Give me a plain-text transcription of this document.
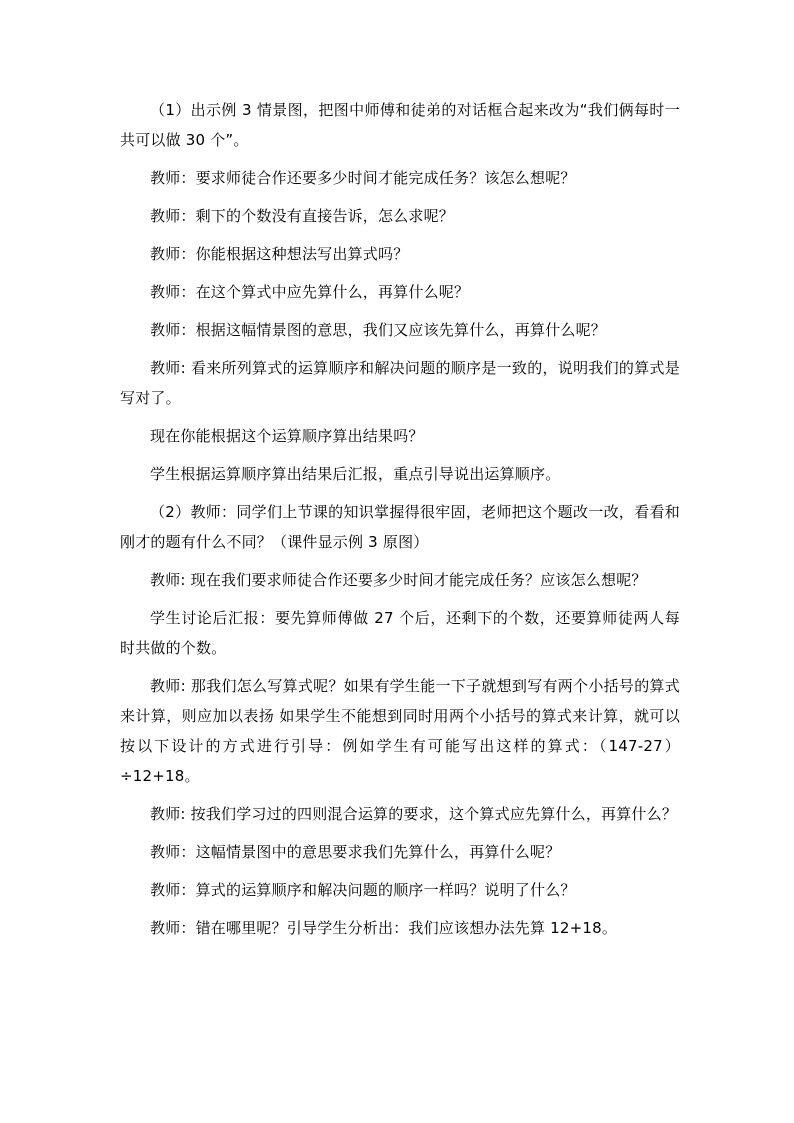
（1）出示例 3 情景图，把图中师傅和徒弟的对话框合起来改为“我们俩每时一共可以做 30 个”。

教师：要求师徒合作还要多少时间才能完成任务？该怎么想呢？

教师：剩下的个数没有直接告诉，怎么求呢？

教师：你能根据这种想法写出算式吗？

教师：在这个算式中应先算什么，再算什么呢？

教师：根据这幅情景图的意思，我们又应该先算什么，再算什么呢？

教师: 看来所列算式的运算顺序和解决问题的顺序是一致的，说明我们的算式是写对了。

现在你能根据这个运算顺序算出结果吗？

学生根据运算顺序算出结果后汇报，重点引导说出运算顺序。

（2）教师：同学们上节课的知识掌握得很牢固，老师把这个题改一改，看看和刚才的题有什么不同？（课件显示例 3 原图）

教师: 现在我们要求师徒合作还要多少时间才能完成任务？应该怎么想呢？

学生讨论后汇报：要先算师傅做 27 个后，还剩下的个数，还要算师徒两人每时共做的个数。

教师: 那我们怎么写算式呢？如果有学生能一下子就想到写有两个小括号的算式来计算，则应加以表扬 如果学生不能想到同时用两个小括号的算式来计算，就可以按以下设计的方式进行引导：例如学生有可能写出这样的算式：（147-27）÷12+18。

教师: 按我们学习过的四则混合运算的要求，这个算式应先算什么，再算什么？

教师：这幅情景图中的意思要求我们先算什么，再算什么呢？

教师：算式的运算顺序和解决问题的顺序一样吗？说明了什么？

教师：错在哪里呢？引导学生分析出：我们应该想办法先算 12+18。
